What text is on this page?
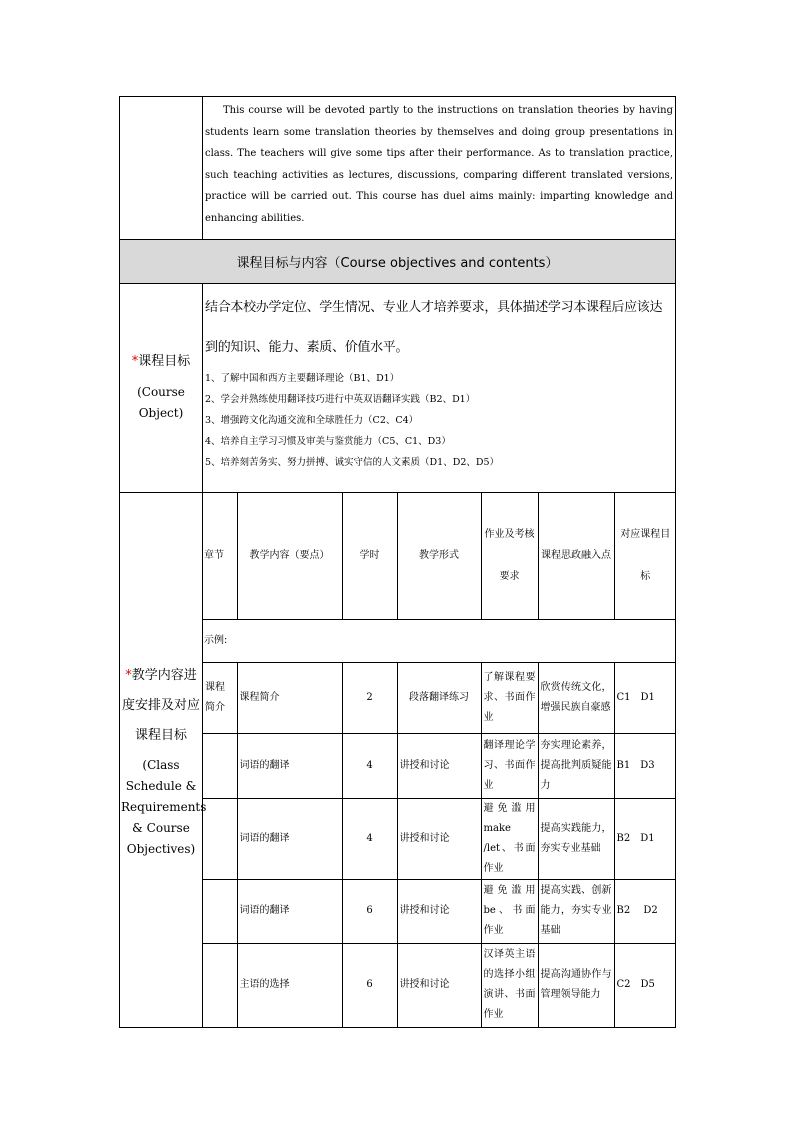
This course will be devoted partly to the instructions on translation theories by having students learn some translation theories by themselves and doing group presentations in class. The teachers will give some tips after their performance. As to translation practice, such teaching activities as lectures, discussions, comparing different translated versions, practice will be carried out. This course has duel aims mainly: imparting knowledge and enhancing abilities.

课程目标与内容（Course objectives and contents）

*课程目标
(Course Object)

结合本校办学定位、学生情况、专业人才培养要求，具体描述学习本课程后应该达到的知识、能力、素质、价值水平。
1、了解中国和西方主要翻译理论（B1、D1）
2、学会并熟练使用翻译技巧进行中英双语翻译实践（B2、D1）
3、增强跨文化沟通交流和全球胜任力（C2、C4）
4、培养自主学习习惯及审美与鉴赏能力（C5、C1、D3）
5、培养刻苦务实、努力拼搏、诚实守信的人文素质（D1、D2、D5）

*教学内容进度安排及对应课程目标
(Class Schedule & Requirements & Course Objectives)

章节	教学内容（要点）	学时	教学形式	作业及考核要求	课程思政融入点	对应课程目标
示例:
课程简介	课程简介	2	段落翻译练习	了解课程要求、书面作业	欣赏传统文化，增强民族自豪感	C1　D1
	词语的翻译	4	讲授和讨论	翻译理论学习、书面作业	夯实理论素养，提高批判质疑能力	B1　D3
	词语的翻译	4	讲授和讨论	避免滥用make /let、书面作业	提高实践能力，夯实专业基础	B2　D1
	词语的翻译	6	讲授和讨论	避免滥用be、书面作业	提高实践、创新能力，夯实专业基础	B2　 D2
	主语的选择	6	讲授和讨论	汉译英主语的选择小组演讲、书面作业	提高沟通协作与管理领导能力	C2　D5
